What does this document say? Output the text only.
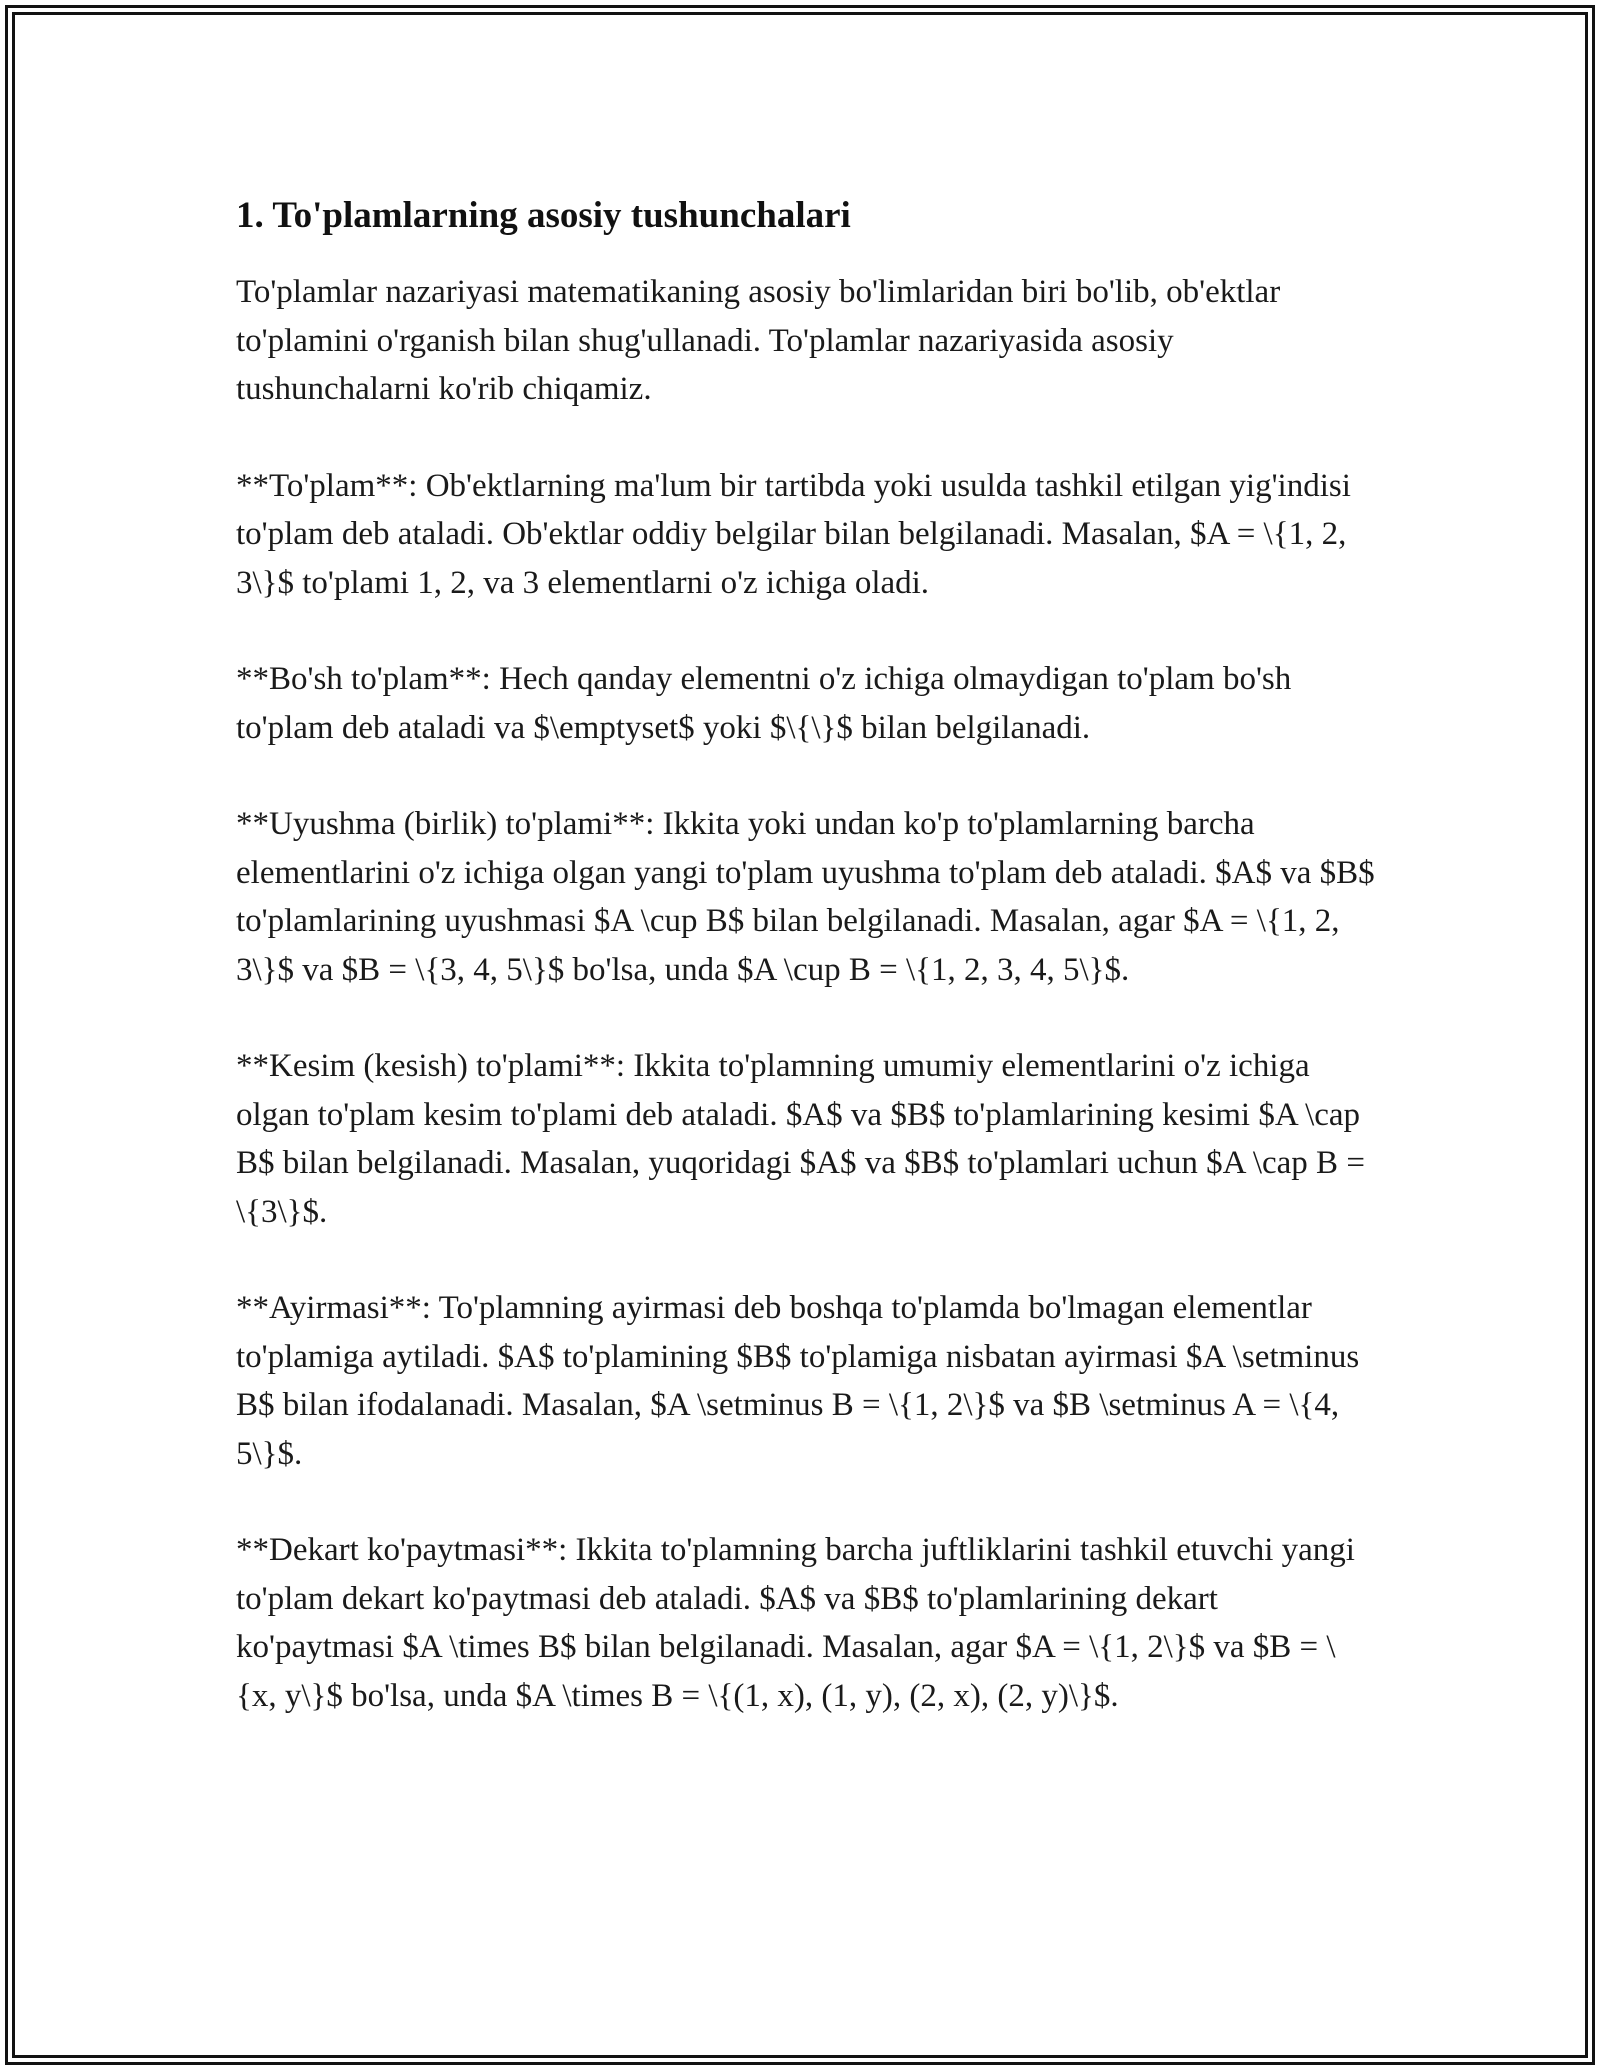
1. To'plamlarning asosiy tushunchalari

To'plamlar nazariyasi matematikaning asosiy bo'limlaridan biri bo'lib, ob'ektlar to'plamini o'rganish bilan shug'ullanadi. To'plamlar nazariyasida asosiy tushunchalarni ko'rib chiqamiz.

**To'plam**: Ob'ektlarning ma'lum bir tartibda yoki usulda tashkil etilgan yig'indisi to'plam deb ataladi. Ob'ektlar oddiy belgilar bilan belgilanadi. Masalan, $A = \{1, 2, 3\}$ to'plami 1, 2, va 3 elementlarni o'z ichiga oladi.

**Bo'sh to'plam**: Hech qanday elementni o'z ichiga olmaydigan to'plam bo'sh to'plam deb ataladi va $\emptyset$ yoki $\{\}$ bilan belgilanadi.

**Uyushma (birlik) to'plami**: Ikkita yoki undan ko'p to'plamlarning barcha elementlarini o'z ichiga olgan yangi to'plam uyushma to'plam deb ataladi. $A$ va $B$ to'plamlarining uyushmasi $A \cup B$ bilan belgilanadi. Masalan, agar $A = \{1, 2, 3\}$ va $B = \{3, 4, 5\}$ bo'lsa, unda $A \cup B = \{1, 2, 3, 4, 5\}$.

**Kesim (kesish) to'plami**: Ikkita to'plamning umumiy elementlarini o'z ichiga olgan to'plam kesim to'plami deb ataladi. $A$ va $B$ to'plamlarining kesimi $A \cap B$ bilan belgilanadi. Masalan, yuqoridagi $A$ va $B$ to'plamlari uchun $A \cap B = \{3\}$.

**Ayirmasi**: To'plamning ayirmasi deb boshqa to'plamda bo'lmagan elementlar to'plamiga aytiladi. $A$ to'plamining $B$ to'plamiga nisbatan ayirmasi $A \setminus B$ bilan ifodalanadi. Masalan, $A \setminus B = \{1, 2\}$ va $B \setminus A = \{4, 5\}$.

**Dekart ko'paytmasi**: Ikkita to'plamning barcha juftliklarini tashkil etuvchi yangi to'plam dekart ko'paytmasi deb ataladi. $A$ va $B$ to'plamlarining dekart ko'paytmasi $A \times B$ bilan belgilanadi. Masalan, agar $A = \{1, 2\}$ va $B = \{x, y\}$ bo'lsa, unda $A \times B = \{(1, x), (1, y), (2, x), (2, y)\}$.
